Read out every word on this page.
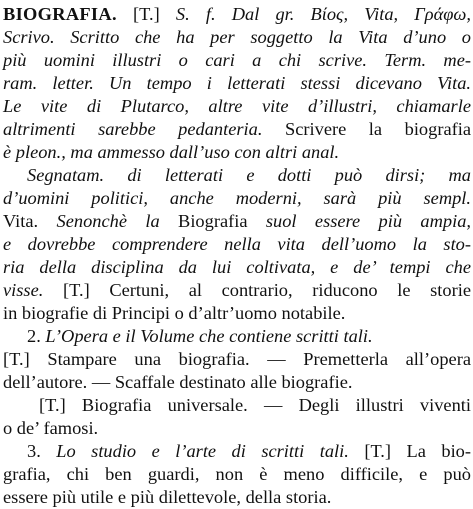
BIOGRAFIA. [T.] S. f. Dal gr. Βίος, Vita, Γράφω,
Scrivo. Scritto che ha per soggetto la Vita d’uno o
più uomini illustri o cari a chi scrive. Term. me-
ram. letter. Un tempo i letterati stessi dicevano Vita.
Le vite di Plutarco, altre vite d’illustri, chiamarle
altrimenti sarebbe pedanteria. Scrivere la biografia
è pleon., ma ammesso dall’uso con altri anal.
Segnatam. di letterati e dotti può dirsi; ma
d’uomini politici, anche moderni, sarà più sempl.
Vita. Senonchè la Biografia suol essere più ampia,
e dovrebbe comprendere nella vita dell’uomo la sto-
ria della disciplina da lui coltivata, e de’ tempi che
visse. [T.] Certuni, al contrario, riducono le storie
in biografie di Principi o d’altr’uomo notabile.
2. L’Opera e il Volume che contiene scritti tali.
[T.] Stampare una biografia. — Premetterla all’opera
dell’autore. — Scaffale destinato alle biografie.
[T.] Biografia universale. — Degli illustri viventi
o de’ famosi.
3. Lo studio e l’arte di scritti tali. [T.] La bio-
grafia, chi ben guardi, non è meno difficile, e può
essere più utile e più dilettevole, della storia.
